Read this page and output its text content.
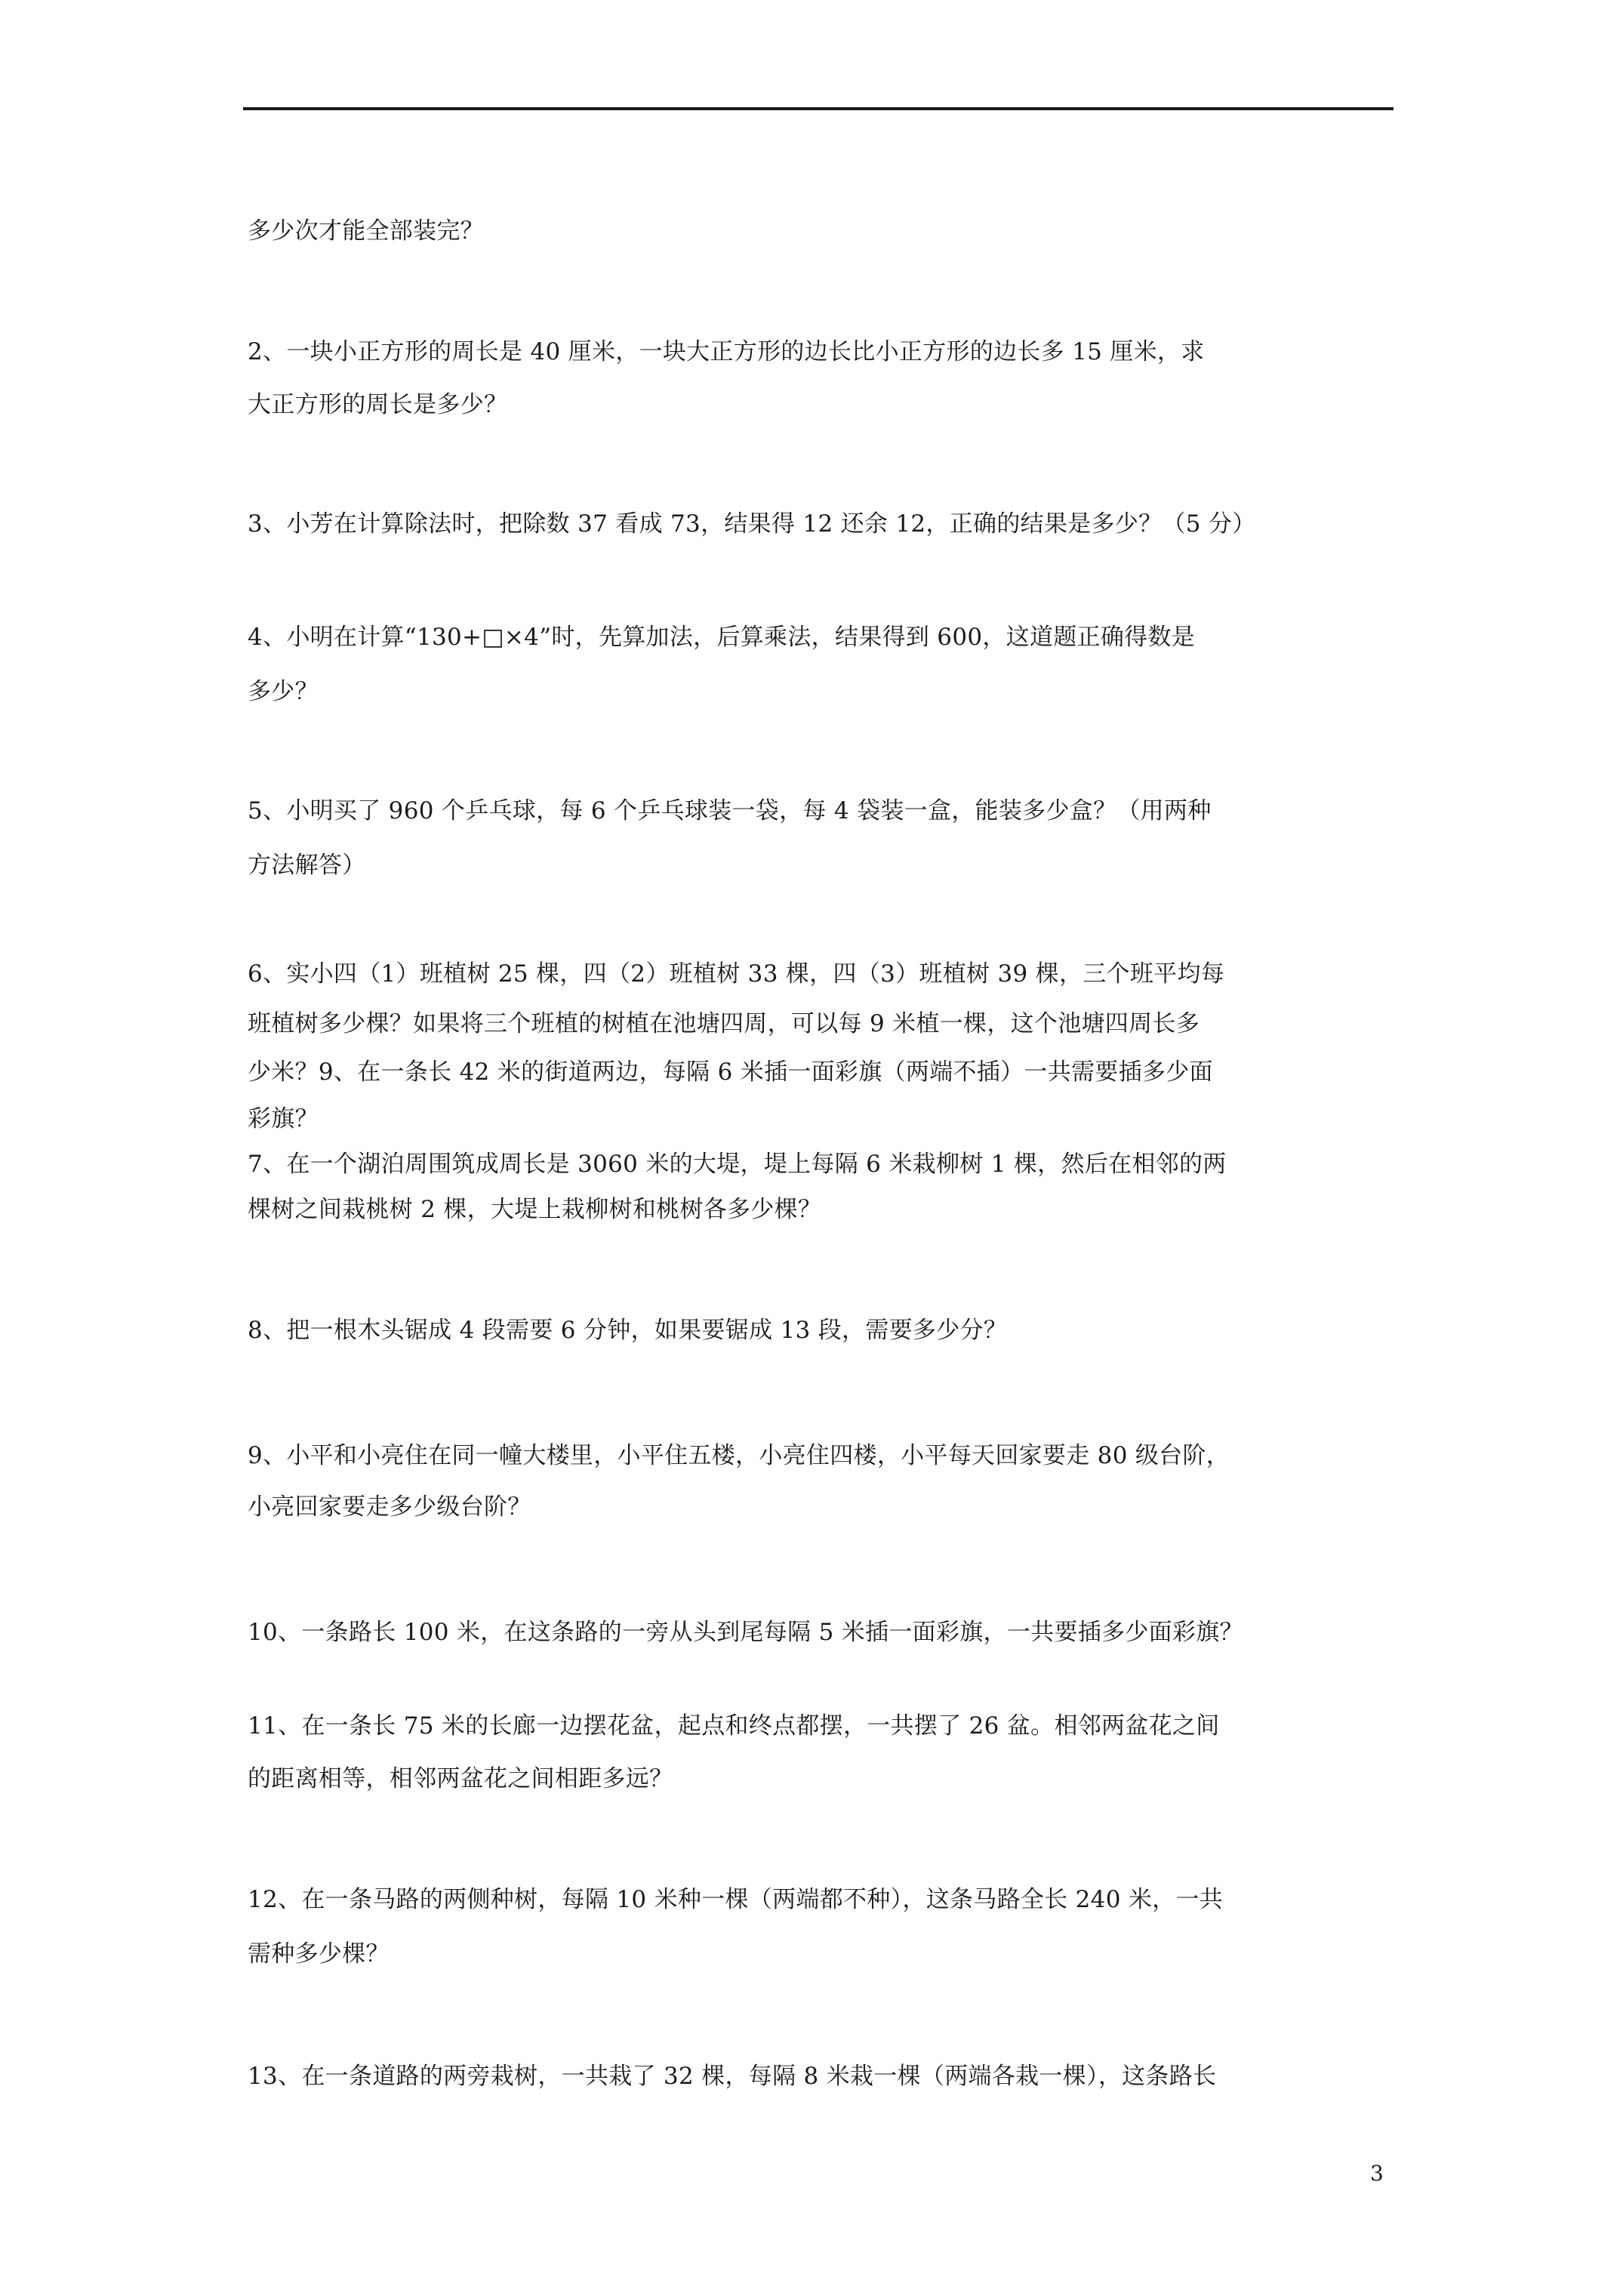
多少次才能全部装完？
2、一块小正方形的周长是 40 厘米，一块大正方形的边长比小正方形的边长多 15 厘米，求
大正方形的周长是多少？
3、小芳在计算除法时，把除数 37 看成 73，结果得 12 还余 12，正确的结果是多少？（5 分）
4、小明在计算“130+□×4”时，先算加法，后算乘法，结果得到 600，这道题正确得数是
多少？
5、小明买了 960 个乒乓球，每 6 个乒乓球装一袋，每 4 袋装一盒，能装多少盒？（用两种
方法解答）
6、实小四（1）班植树 25 棵，四（2）班植树 33 棵，四（3）班植树 39 棵，三个班平均每
班植树多少棵？如果将三个班植的树植在池塘四周，可以每 9 米植一棵，这个池塘四周长多
少米？9、在一条长 42 米的街道两边，每隔 6 米插一面彩旗（两端不插）一共需要插多少面
彩旗？
7、在一个湖泊周围筑成周长是 3060 米的大堤，堤上每隔 6 米栽柳树 1 棵，然后在相邻的两
棵树之间栽桃树 2 棵，大堤上栽柳树和桃树各多少棵？
8、把一根木头锯成 4 段需要 6 分钟，如果要锯成 13 段，需要多少分？
9、小平和小亮住在同一幢大楼里，小平住五楼，小亮住四楼，小平每天回家要走 80 级台阶，
小亮回家要走多少级台阶？
10、一条路长 100 米，在这条路的一旁从头到尾每隔 5 米插一面彩旗，一共要插多少面彩旗？
11、在一条长 75 米的长廊一边摆花盆，起点和终点都摆，一共摆了 26 盆。相邻两盆花之间
的距离相等，相邻两盆花之间相距多远？
12、在一条马路的两侧种树，每隔 10 米种一棵（两端都不种），这条马路全长 240 米，一共
需种多少棵？
13、在一条道路的两旁栽树，一共栽了 32 棵，每隔 8 米栽一棵（两端各栽一棵），这条路长
3
